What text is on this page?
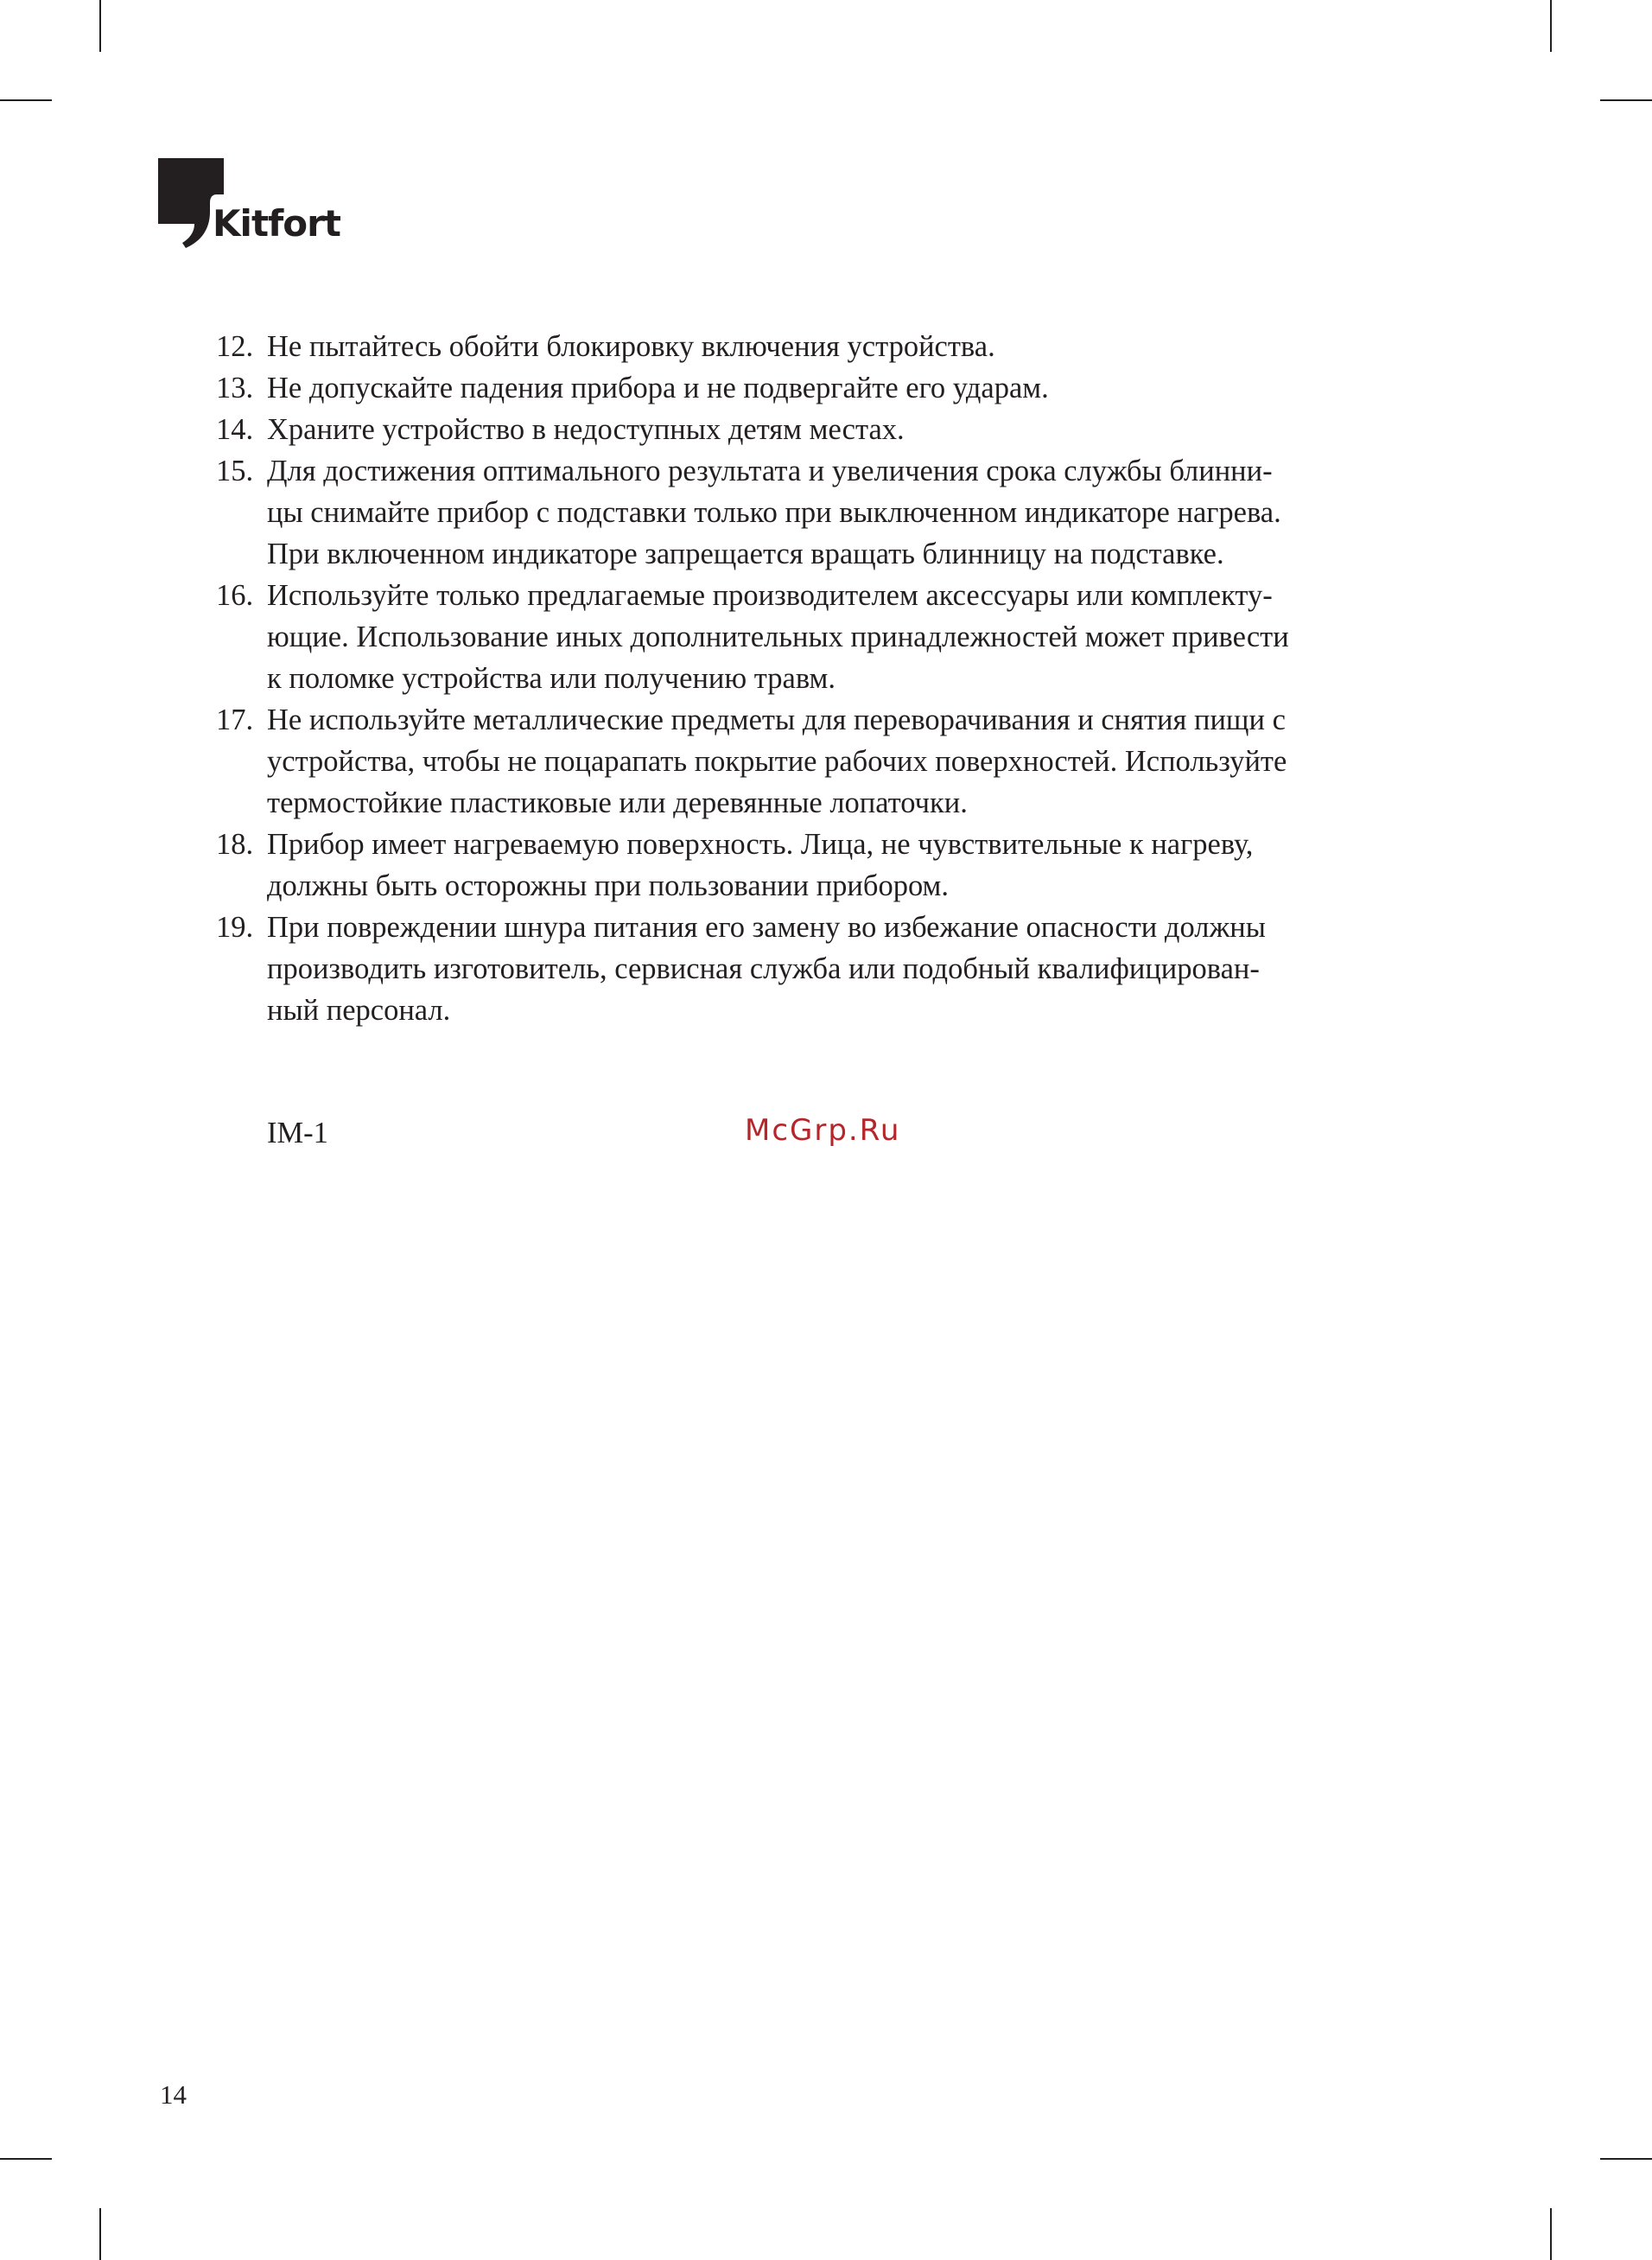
Kitfort
12. Не пытайтесь обойти блокировку включения устройства.
13. Не допускайте падения прибора и не подвергайте его ударам.
14. Храните устройство в недоступных детям местах.
15. Для достижения оптимального результата и увеличения срока службы блинни-
цы снимайте прибор с подставки только при выключенном индикаторе нагрева.
При включенном индикаторе запрещается вращать блинницу на подставке.
16. Используйте только предлагаемые производителем аксессуары или комплекту-
ющие. Использование иных дополнительных принадлежностей может привести
к поломке устройства или получению травм.
17. Не используйте металлические предметы для переворачивания и снятия пищи с
устройства, чтобы не поцарапать покрытие рабочих поверхностей. Используйте
термостойкие пластиковые или деревянные лопаточки.
18. Прибор имеет нагреваемую поверхность. Лица, не чувствительные к нагреву,
должны быть осторожны при пользовании прибором.
19. При повреждении шнура питания его замену во избежание опасности должны
производить изготовитель, сервисная служба или подобный квалифицирован-
ный персонал.
IM-1	McGrp.Ru
14
